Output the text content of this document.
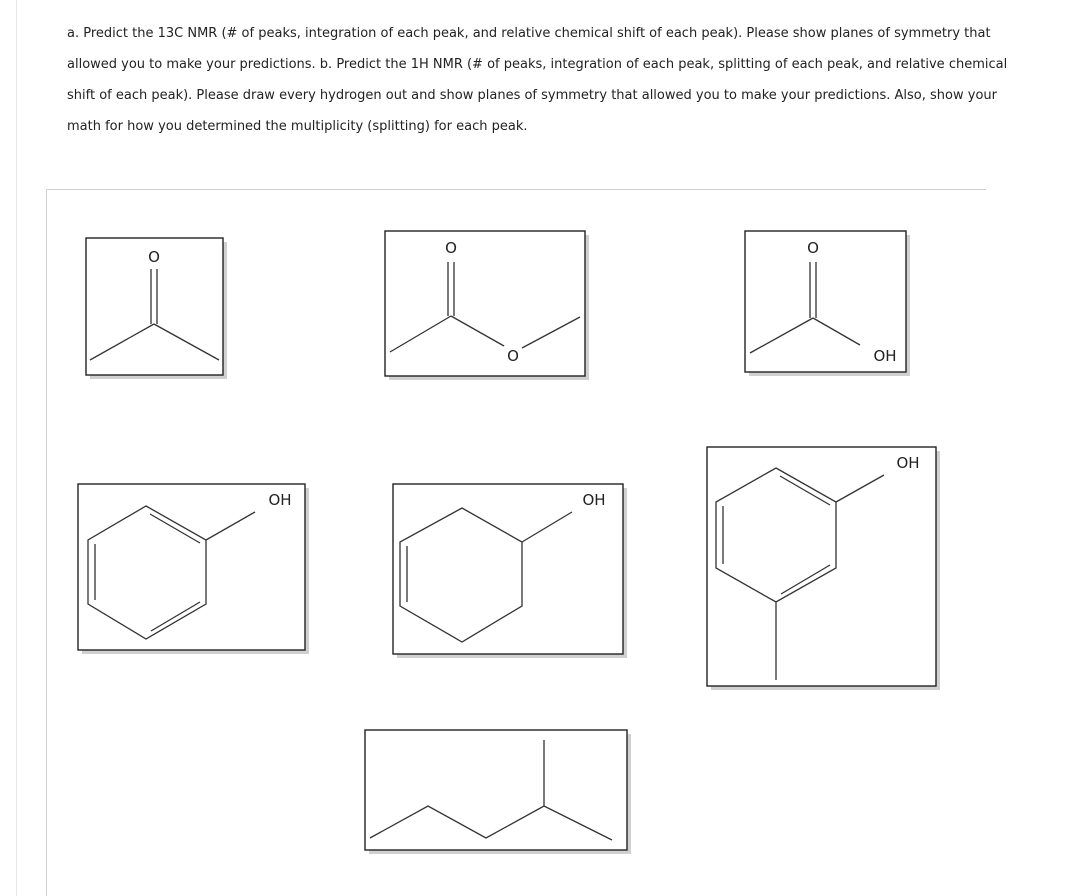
a. Predict the 13C NMR (# of peaks, integration of each peak, and relative chemical shift of each peak). Please show planes of symmetry that allowed you to make your predictions. b. Predict the 1H NMR (# of peaks, integration of each peak, splitting of each peak, and relative chemical shift of each peak). Please draw every hydrogen out and show planes of symmetry that allowed you to make your predictions. Also, show your math for how you determined the multiplicity (splitting) for each peak.
O	O
O
O
OH
OH	OH
OH
